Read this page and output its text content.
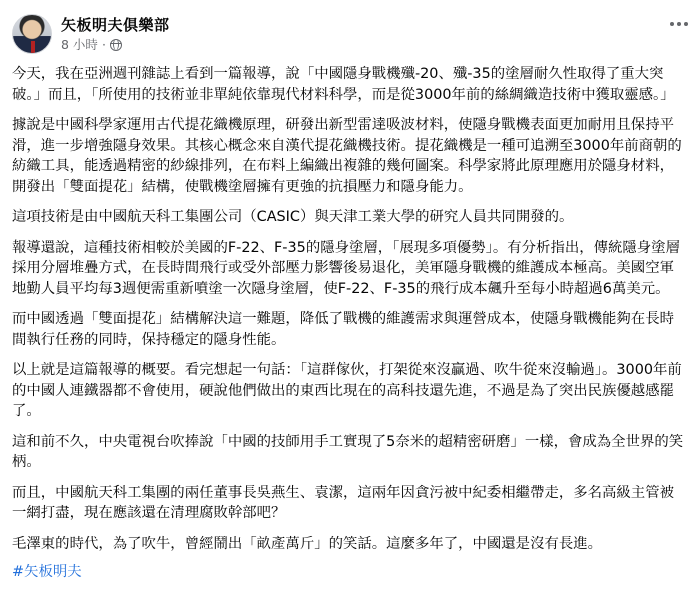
矢板明夫俱樂部
8 小時 ·

今天，我在亞洲週刊雜誌上看到一篇報導，說「中國隱身戰機殲-20、殲-35的塗層耐久性取得了重大突破。」而且，「所使用的技術並非單純依靠現代材料科學，而是從3000年前的絲綢織造技術中獲取靈感。」

據說是中國科學家運用古代提花織機原理，研發出新型雷達吸波材料，使隱身戰機表面更加耐用且保持平滑，進一步增強隱身效果。其核心概念來自漢代提花織機技術。提花織機是一種可追溯至3000年前商朝的紡織工具，能透過精密的紗線排列，在布料上編織出複雜的幾何圖案。科學家將此原理應用於隱身材料，開發出「雙面提花」結構，使戰機塗層擁有更強的抗損壓力和隱身能力。

這項技術是由中國航天科工集團公司（CASIC）與天津工業大學的研究人員共同開發的。

報導還說，這種技術相較於美國的F-22、F-35的隱身塗層，「展現多項優勢」。有分析指出，傳統隱身塗層採用分層堆疊方式，在長時間飛行或受外部壓力影響後易退化，美軍隱身戰機的維護成本極高。美國空軍地勤人員平均每3週便需重新噴塗一次隱身塗層，使F-22、F-35的飛行成本飆升至每小時超過6萬美元。

而中國透過「雙面提花」結構解決這一難題，降低了戰機的維護需求與運營成本，使隱身戰機能夠在長時間執行任務的同時，保持穩定的隱身性能。

以上就是這篇報導的概要。看完想起一句話：「這群傢伙，打架從來沒贏過、吹牛從來沒輸過」。3000年前的中國人連鐵器都不會使用，硬說他們做出的東西比現在的高科技還先進，不過是為了突出民族優越感罷了。

這和前不久，中央電視台吹捧說「中國的技師用手工實現了5奈米的超精密研磨」一樣，會成為全世界的笑柄。

而且，中國航天科工集團的兩任董事長吳燕生、袁潔，這兩年因貪污被中紀委相繼帶走，多名高級主管被一網打盡，現在應該還在清理腐敗幹部吧？

毛澤東的時代，為了吹牛，曾經鬧出「畝產萬斤」的笑話。這麼多年了，中國還是沒有長進。

#矢板明夫
